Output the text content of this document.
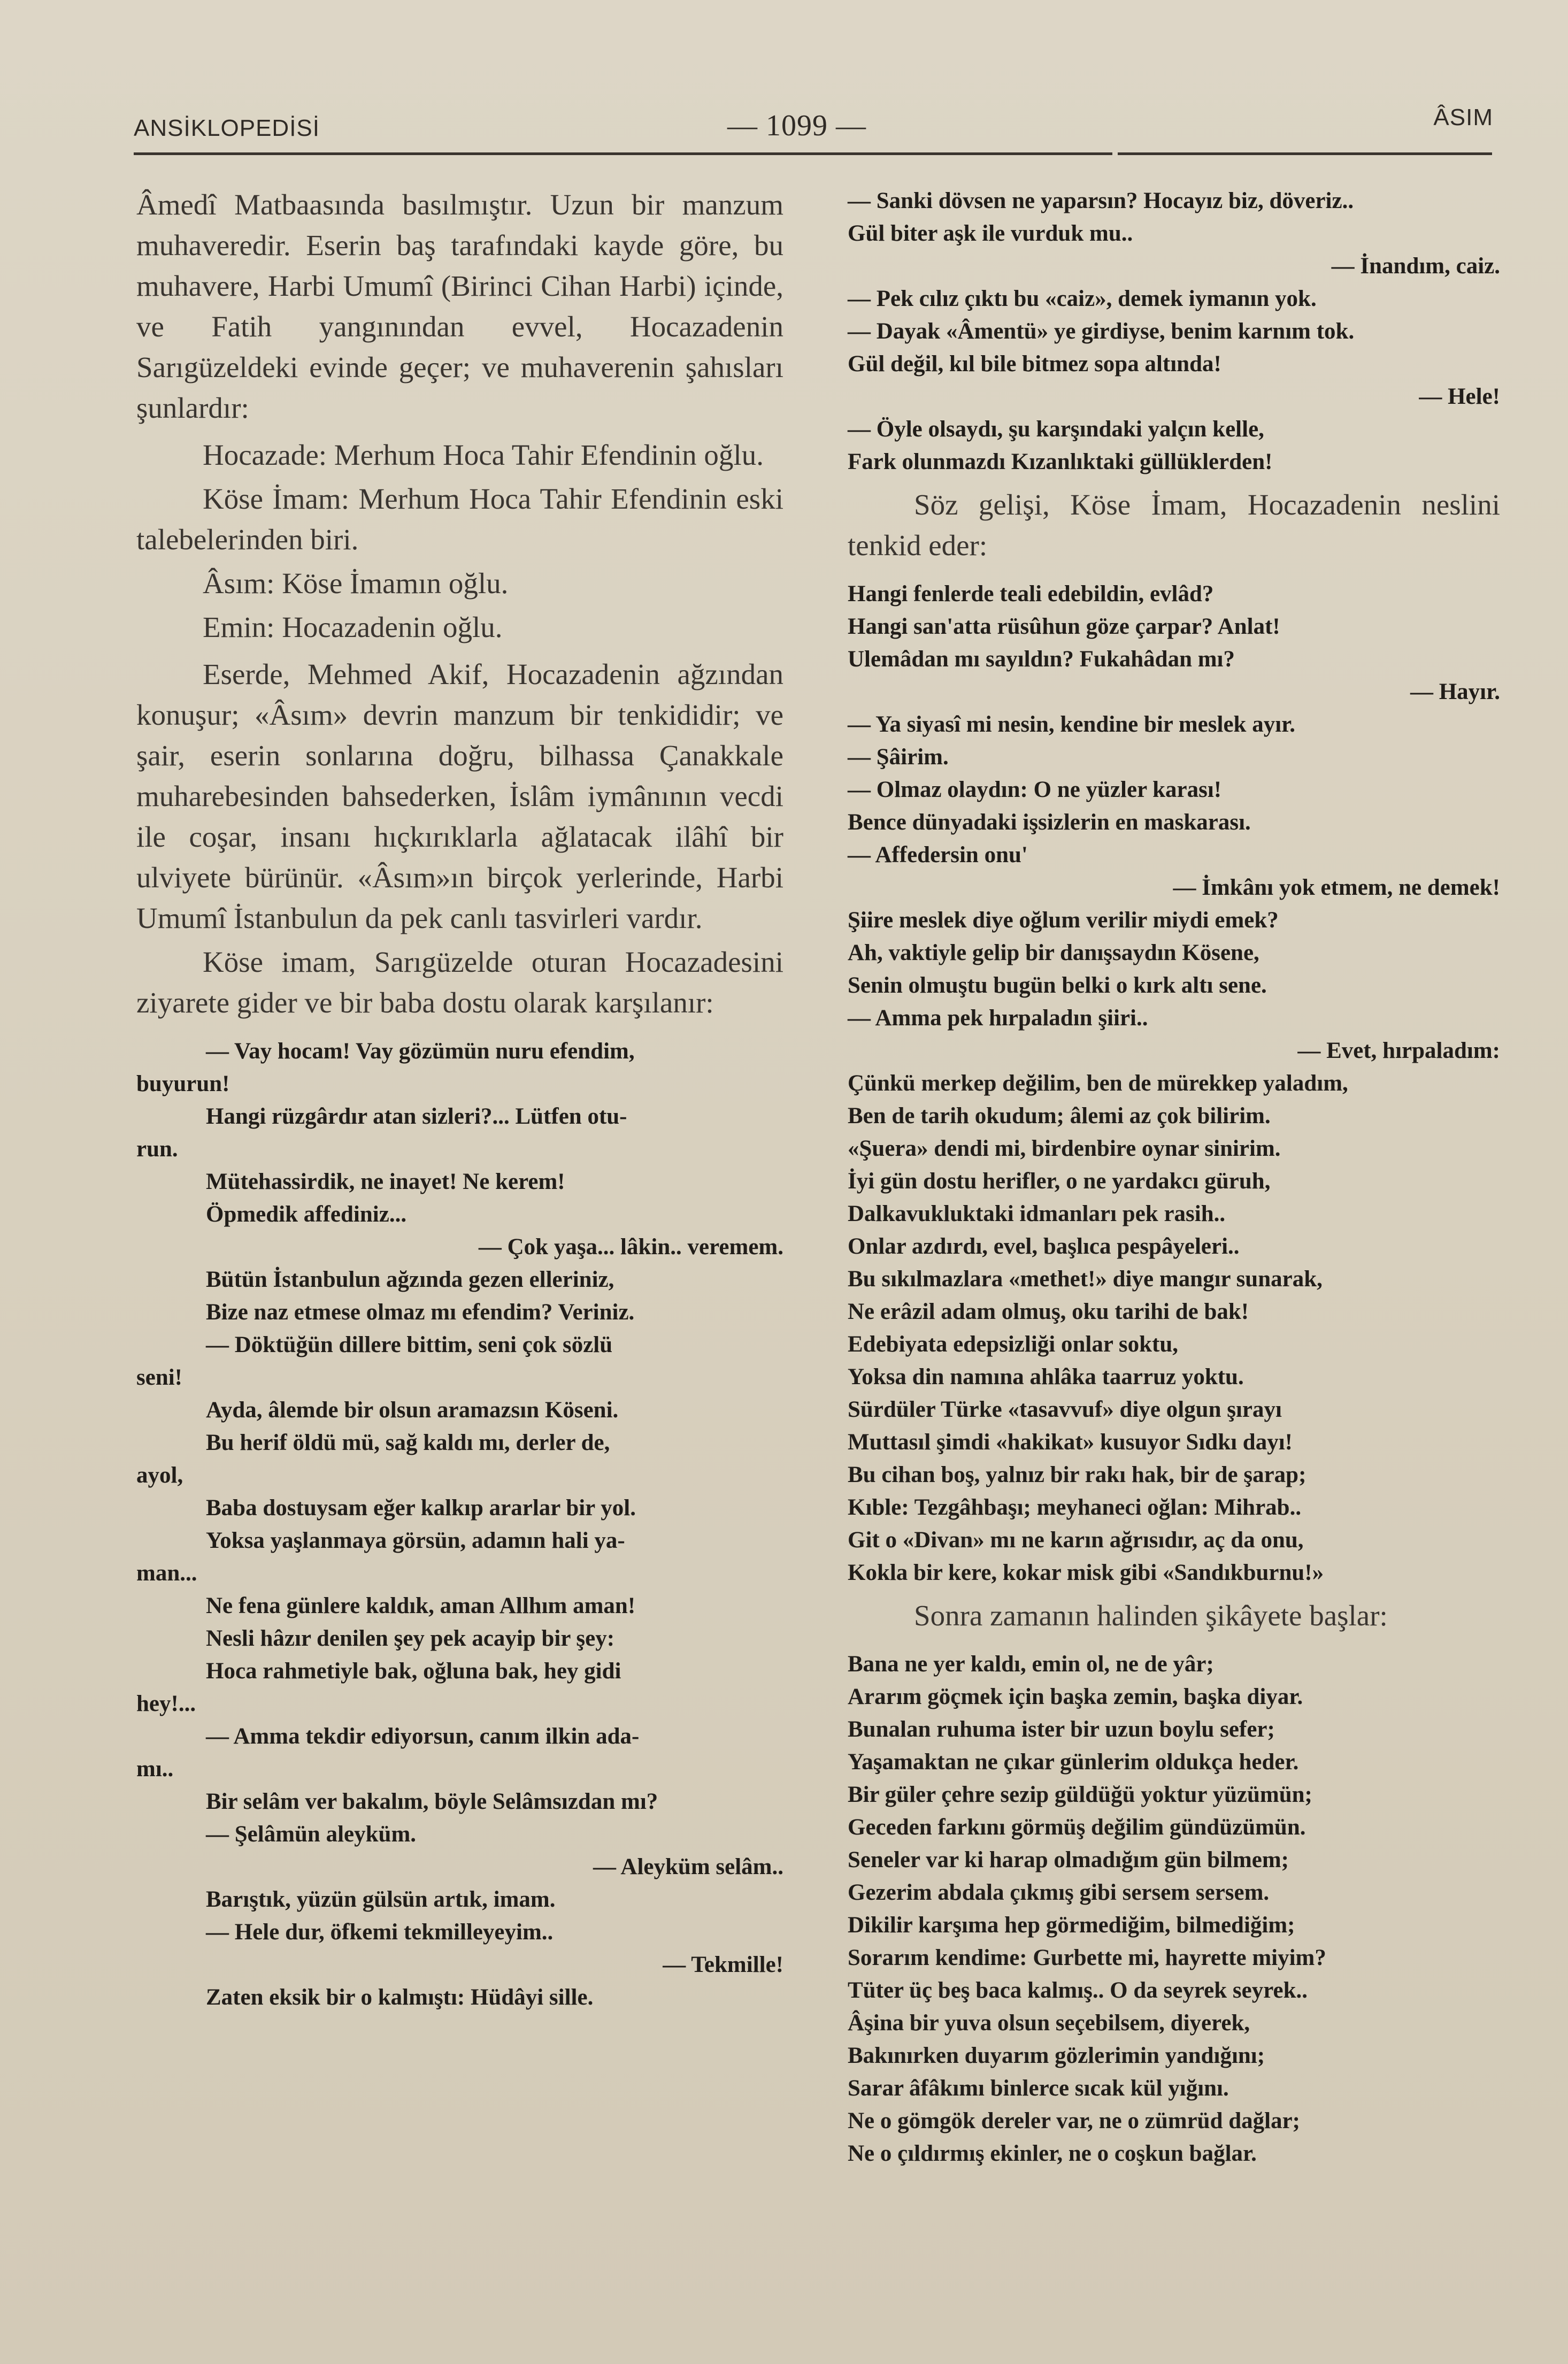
ANSİKLOPEDİSİ	— 1099 —	ÂSIM

Âmedî Matbaasında basılmıştır. Uzun bir manzum muhaveredir. Eserin baş tarafındaki kayde göre, bu muhavere, Harbi Umumî (Birinci Cihan Harbi) içinde, ve Fatih yangınından evvel, Hocazadenin Sarıgüzeldeki evinde geçer; ve muhaverenin şahısları şunlardır:

Hocazade: Merhum Hoca Tahir Efendinin oğlu.

Köse İmam: Merhum Hoca Tahir Efendinin eski talebelerinden biri.

Âsım: Köse İmamın oğlu.

Emin: Hocazadenin oğlu.

Eserde, Mehmed Akif, Hocazadenin ağzından konuşur; «Âsım» devrin manzum bir tenkididir; ve şair, eserin sonlarına doğru, bilhassa Çanakkale muharebesinden bahsederken, İslâm iymânının vecdi ile coşar, insanı hıçkırıklarla ağlatacak ilâhî bir ulviyete bürünür. «Âsım»ın birçok yerlerinde, Harbi Umumî İstanbulun da pek canlı tasvirleri vardır.

Köse imam, Sarıgüzelde oturan Hocazadesini ziyarete gider ve bir baba dostu olarak karşılanır:

— Vay hocam! Vay gözümün nuru efendim,
buyurun!
Hangi rüzgârdır atan sizleri?... Lütfen otu-
run.
Mütehassirdik, ne inayet! Ne kerem!
Öpmedik affediniz...
— Çok yaşa... lâkin.. veremem.
Bütün İstanbulun ağzında gezen elleriniz,
Bize naz etmese olmaz mı efendim? Veriniz.
— Döktüğün dillere bittim, seni çok sözlü
seni!
Ayda, âlemde bir olsun aramazsın Köseni.
Bu herif öldü mü, sağ kaldı mı, derler de,
ayol,
Baba dostuysam eğer kalkıp ararlar bir yol.
Yoksa yaşlanmaya görsün, adamın hali ya-
man...
Ne fena günlere kaldık, aman Allhım aman!
Nesli hâzır denilen şey pek acayip bir şey:
Hoca rahmetiyle bak, oğluna bak, hey gidi
hey!...
— Amma tekdir ediyorsun, canım ilkin ada-
mı..
Bir selâm ver bakalım, böyle Selâmsızdan mı?
— Şelâmün aleyküm.
— Aleyküm selâm..
Barıştık, yüzün gülsün artık, imam.
— Hele dur, öfkemi tekmilleyeyim..
— Tekmille!
Zaten eksik bir o kalmıştı: Hüdâyi sille.
— Sanki dövsen ne yaparsın? Hocayız biz, döveriz..
Gül biter aşk ile vurduk mu..
— İnandım, caiz.
— Pek cılız çıktı bu «caiz», demek iymanın yok.
— Dayak «Âmentü» ye girdiyse, benim karnım tok.
Gül değil, kıl bile bitmez sopa altında!
— Hele!
— Öyle olsaydı, şu karşındaki yalçın kelle,
Fark olunmazdı Kızanlıktaki güllüklerden!

Söz gelişi, Köse İmam, Hocazadenin neslini tenkid eder:

Hangi fenlerde teali edebildin, evlâd?
Hangi san'atta rüsûhun göze çarpar? Anlat!
Ulemâdan mı sayıldın? Fukahâdan mı?
— Hayır.
— Ya siyasî mi nesin, kendine bir meslek ayır.
— Şâirim.
— Olmaz olaydın: O ne yüzler karası!
Bence dünyadaki işsizlerin en maskarası.
— Affedersin onu'
— İmkânı yok etmem, ne demek!
Şiire meslek diye oğlum verilir miydi emek?
Ah, vaktiyle gelip bir danışsaydın Kösene,
Senin olmuştu bugün belki o kırk altı sene.
— Amma pek hırpaladın şiiri..
— Evet, hırpaladım:
Çünkü merkep değilim, ben de mürekkep yaladım,
Ben de tarih okudum; âlemi az çok bilirim.
«Şuera» dendi mi, birdenbire oynar sinirim.
İyi gün dostu herifler, o ne yardakcı güruh,
Dalkavukluktaki idmanları pek rasih..
Onlar azdırdı, evel, başlıca pespâyeleri..
Bu sıkılmazlara «methet!» diye mangır sunarak,
Ne erâzil adam olmuş, oku tarihi de bak!
Edebiyata edepsizliği onlar soktu,
Yoksa din namına ahlâka taarruz yoktu.
Sürdüler Türke «tasavvuf» diye olgun şırayı
Muttasıl şimdi «hakikat» kusuyor Sıdkı dayı!
Bu cihan boş, yalnız bir rakı hak, bir de şarap;
Kıble: Tezgâhbaşı; meyhaneci oğlan: Mihrab..
Git o «Divan» mı ne karın ağrısıdır, aç da onu,
Kokla bir kere, kokar misk gibi «Sandıkburnu!»

Sonra zamanın halinden şikâyete başlar:

Bana ne yer kaldı, emin ol, ne de yâr;
Ararım göçmek için başka zemin, başka diyar.
Bunalan ruhuma ister bir uzun boylu sefer;
Yaşamaktan ne çıkar günlerim oldukça heder.
Bir güler çehre sezip güldüğü yoktur yüzümün;
Geceden farkını görmüş değilim gündüzümün.
Seneler var ki harap olmadığım gün bilmem;
Gezerim abdala çıkmış gibi sersem sersem.
Dikilir karşıma hep görmediğim, bilmediğim;
Sorarım kendime: Gurbette mi, hayrette miyim?
Tüter üç beş baca kalmış.. O da seyrek seyrek..
Âşina bir yuva olsun seçebilsem, diyerek,
Bakınırken duyarım gözlerimin yandığını;
Sarar âfâkımı binlerce sıcak kül yığını.
Ne o gömgök dereler var, ne o zümrüd dağlar;
Ne o çıldırmış ekinler, ne o coşkun bağlar.
